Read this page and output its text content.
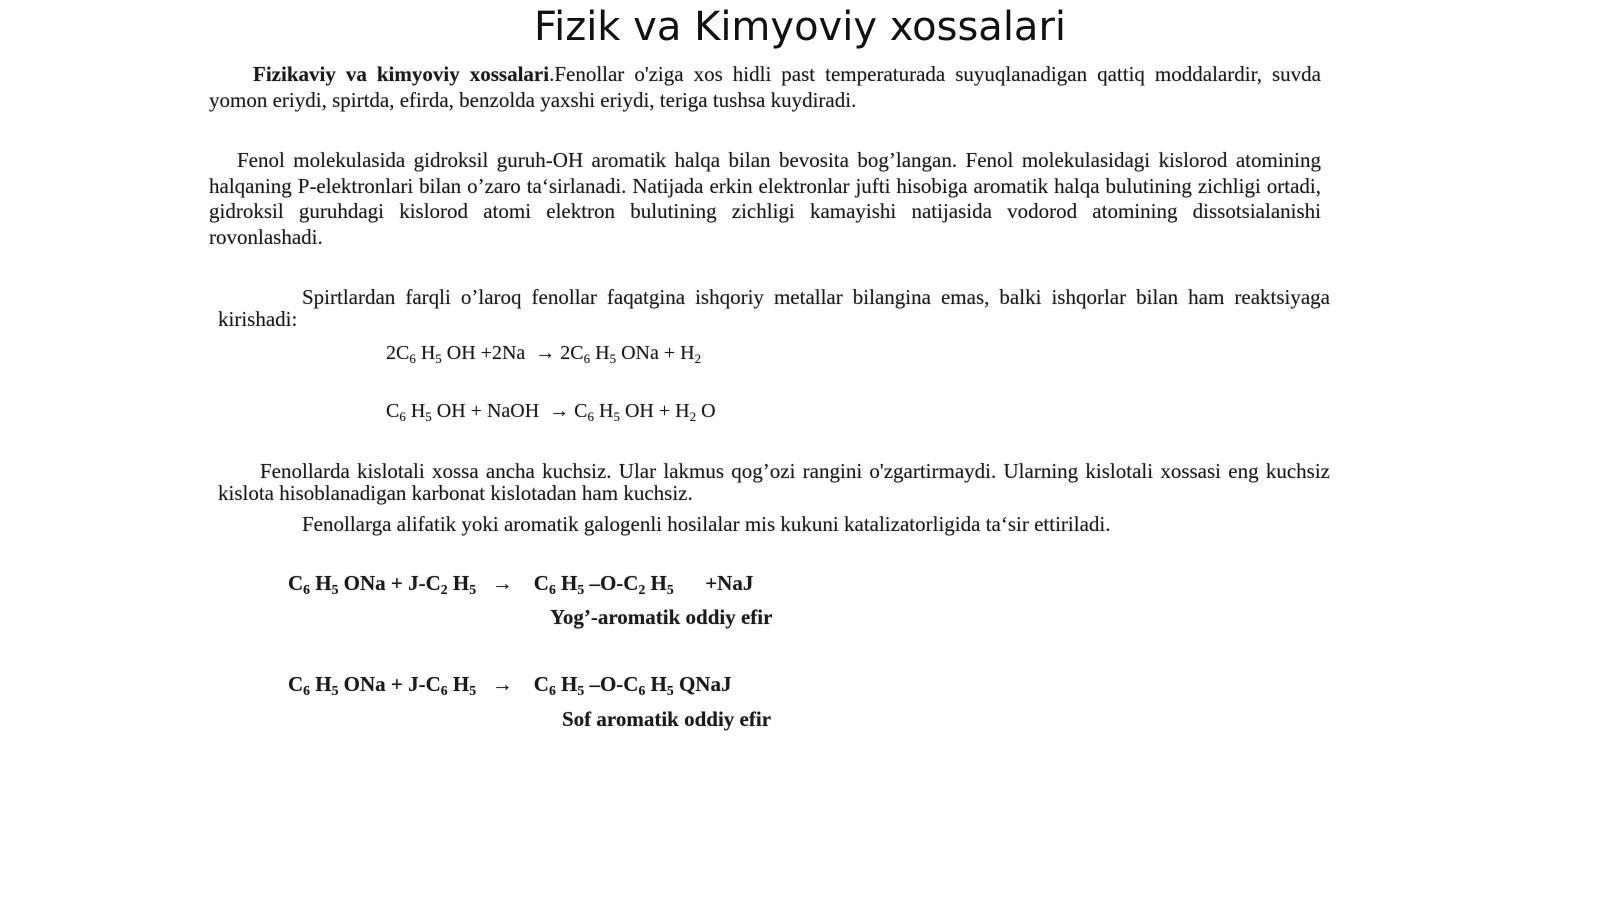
Fizik va Kimyoviy xossalari
Fizikaviy va kimyoviy xossalari.Fenollar o'ziga xos hidli past temperaturada suyuqlanadigan qattiq moddalardir, suvda yomon eriydi, spirtda, efirda, benzolda yaxshi eriydi, teriga tushsa kuydiradi.
Fenol molekulasida gidroksil guruh-OH aromatik halqa bilan bevosita bog’langan. Fenol molekulasidagi kislorod atomining halqaning P-elektronlari bilan o’zaro ta‘sirlanadi. Natijada erkin elektronlar jufti hisobiga aromatik halqa bulutining zichligi ortadi, gidroksil guruhdagi kislorod atomi elektron bulutining zichligi kamayishi natijasida vodorod atomining dissotsialanishi rovonlashadi.
Spirtlardan farqli o’laroq fenollar faqatgina ishqoriy metallar bilangina emas, balki ishqorlar bilan ham reaktsiyaga kirishadi:
$2C_6$ $H_5$ OH $+2Na \to 2C_6$ $H_5$ ONa + $H_2$
$C_6$ $H_5$ OH + NaOH  → $C_6$ $H_5$ OH + $H_2$ O
Fenollarda kislotali xossa ancha kuchsiz. Ular lakmus qog’ozi rangini o'zgartirmaydi. Ularning kislotali xossasi eng kuchsiz kislota hisoblanadigan karbonat kislotadan ham kuchsiz.
Fenollarga alifatik yoki aromatik galogenli hosilalar mis kukuni katalizatorligida ta‘sir ettiriladi.
$C_6$ $H_5$ ONa + $J-C_2$ $H_5$   →    $C_6$ $H_5$ $-O-C_2$ $H_5$      +NaJ
Yog’-aromatik oddiy efir
$C_6$ $H_5$ ONa + $J-C_6$ $H_5$   →    $C_6$ $H_5$ $-O-C_6$ $H_5$ QNaJ
Sof aromatik oddiy efir
